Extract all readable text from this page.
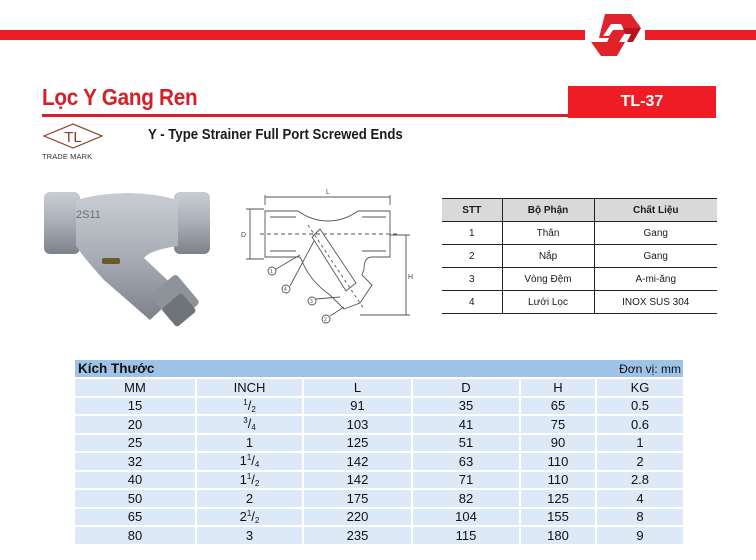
Lọc Y Gang Ren	TL-37
TL
TRADE MARK
Y - Type Strainer Full Port Screwed Ends
2S11
L
D
H
1
2
3
4
STT	Bộ Phận	Chất Liệu
1	Thân	Gang
2	Nắp	Gang
3	Vòng Đệm	A-mi-ăng
4	Lưới Lọc	INOX SUS 304
Kích Thước	Đơn vị: mm
MM	INCH	L	D	H	KG
15	$^1/_2$	91	35	65	0.5
20	$^3/_4$	103	41	75	0.6
25	1	125	51	90	1
32	$1^1/_4$	142	63	110	2
40	$1^1/_2$	142	71	110	2.8
50	2	175	82	125	4
65	$2^1/_2$	220	104	155	8
80	3	235	115	180	9
